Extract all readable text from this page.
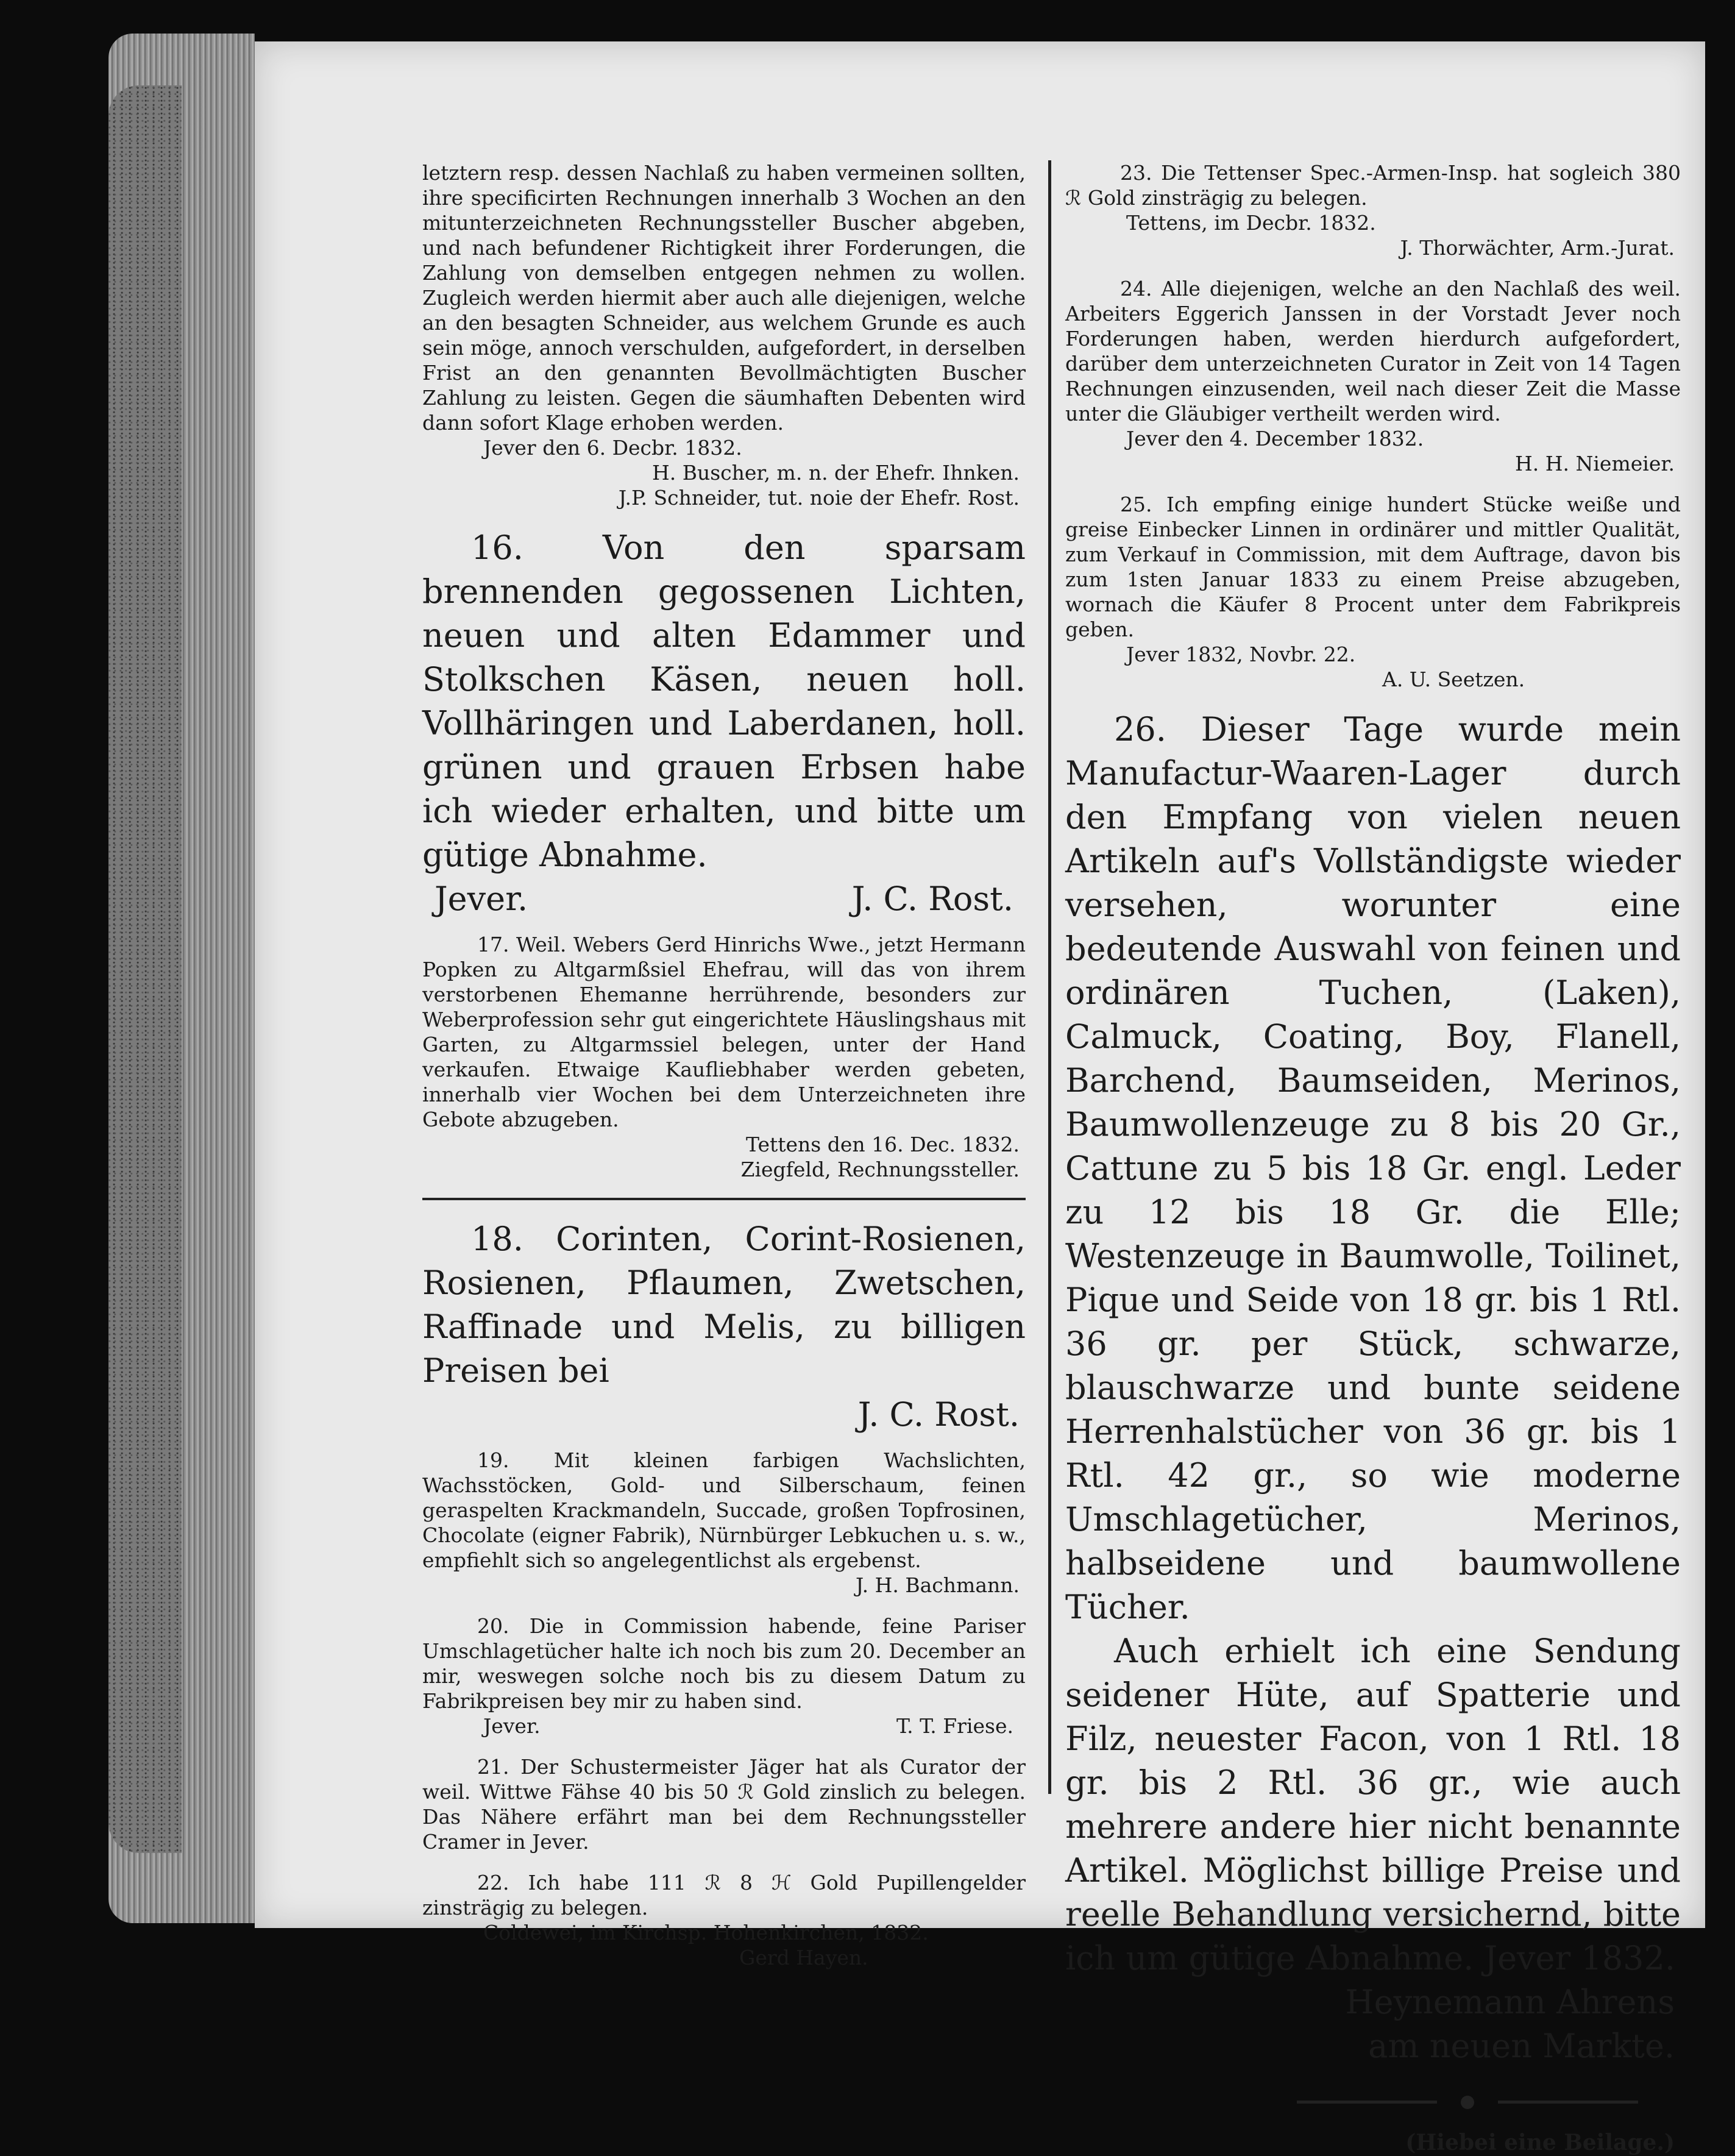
letztern resp. dessen Nachlaß zu haben vermeinen sollten, ihre specificirten Rechnungen innerhalb 3 Wochen an den mitunterzeichneten Rechnungssteller Buscher abgeben, und nach befundener Richtigkeit ihrer Forderungen, die Zahlung von demselben entgegen nehmen zu wollen. Zugleich werden hiermit aber auch alle diejenigen, welche an den besagten Schneider, aus welchem Grunde es auch sein möge, annoch verschulden, aufgefordert, in derselben Frist an den genannten Bevollmächtigten Buscher Zahlung zu leisten. Gegen die säumhaften Debenten wird dann sofort Klage erhoben werden.
Jever den 6. Decbr. 1832.
H. Buscher, m. n. der Ehefr. Ihnken.
J.P. Schneider, tut. noie der Ehefr. Rost.

16. Von den sparsam brennenden gegossenen Lichten, neuen und alten Edammer und Stolkschen Käsen, neuen holl. Vollhäringen und Laberdanen, holl. grünen und grauen Erbsen habe ich wieder erhalten, und bitte um gütige Abnahme.

Jever.	J. C. Rost.

17. Weil. Webers Gerd Hinrichs Wwe., jetzt Hermann Popken zu Altgarmßsiel Ehefrau, will das von ihrem verstorbenen Ehemanne herrührende, besonders zur Weberprofession sehr gut eingerichtete Häuslingshaus mit Garten, zu Altgarmssiel belegen, unter der Hand verkaufen. Etwaige Kaufliebhaber werden gebeten, innerhalb vier Wochen bei dem Unterzeichneten ihre Gebote abzugeben.

Tettens den 16. Dec. 1832.
Ziegfeld, Rechnungssteller.

18. Corinten, Corint-Rosienen, Rosienen, Pflaumen, Zwetschen, Raffinade und Melis, zu billigen Preisen bei

J. C. Rost.

19. Mit kleinen farbigen Wachslichten, Wachsstöcken, Gold- und Silberschaum, feinen geraspelten Krackmandeln, Succade, großen Topfrosinen, Chocolate (eigner Fabrik), Nürnbürger Lebkuchen u. s. w., empfiehlt sich so angelegentlichst als ergebenst.

J. H. Bachmann.

20. Die in Commission habende, feine Pariser Umschlagetücher halte ich noch bis zum 20. December an mir, weswegen solche noch bis zu diesem Datum zu Fabrikpreisen bey mir zu haben sind.

Jever.	T. T. Friese.

21. Der Schustermeister Jäger hat als Curator der weil. Wittwe Fähse 40 bis 50 ℛ Gold zinslich zu belegen. Das Nähere erfährt man bei dem Rechnungssteller Cramer in Jever.

22. Ich habe 111 ℛ 8 ℋ Gold Pupillengelder zinsträgig zu belegen.

Coldewei, im Kirchsp. Hohenkirchen, 1832.
Gerd Hayen.

23. Die Tettenser Spec.-Armen-Insp. hat sogleich 380 ℛ Gold zinsträgig zu belegen.

Tettens, im Decbr. 1832.
J. Thorwächter, Arm.-Jurat.

24. Alle diejenigen, welche an den Nachlaß des weil. Arbeiters Eggerich Janssen in der Vorstadt Jever noch Forderungen haben, werden hierdurch aufgefordert, darüber dem unterzeichneten Curator in Zeit von 14 Tagen Rechnungen einzusenden, weil nach dieser Zeit die Masse unter die Gläubiger vertheilt werden wird.

Jever den 4. December 1832.
H. H. Niemeier.

25. Ich empfing einige hundert Stücke weiße und greise Einbecker Linnen in ordinärer und mittler Qualität, zum Verkauf in Commission, mit dem Auftrage, davon bis zum 1sten Januar 1833 zu einem Preise abzugeben, wornach die Käufer 8 Procent unter dem Fabrikpreis geben.

Jever 1832, Novbr. 22.
A. U. Seetzen.

26. Dieser Tage wurde mein Manufactur-Waaren-Lager durch den Empfang von vielen neuen Artikeln auf's Vollständigste wieder versehen, worunter eine bedeutende Auswahl von feinen und ordinären Tuchen, (Laken), Calmuck, Coating, Boy, Flanell, Barchend, Baumseiden, Merinos, Baumwollenzeuge zu 8 bis 20 Gr., Cattune zu 5 bis 18 Gr. engl. Leder zu 12 bis 18 Gr. die Elle; Westenzeuge in Baumwolle, Toilinet, Pique und Seide von 18 gr. bis 1 Rtl. 36 gr. per Stück, schwarze, blauschwarze und bunte seidene Herrenhalstücher von 36 gr. bis 1 Rtl. 42 gr., so wie moderne Umschlagetücher, Merinos, halbseidene und baumwollene Tücher.

Auch erhielt ich eine Sendung seidener Hüte, auf Spatterie und Filz, neuester Facon, von 1 Rtl. 18 gr. bis 2 Rtl. 36 gr., wie auch mehrere andere hier nicht benannte Artikel. Möglichst billige Preise und reelle Behandlung versichernd, bitte ich um gütige Abnahme. Jever 1832.

Heynemann Ahrens
am neuen Markte.
(Hiebei eine Beilage.)
